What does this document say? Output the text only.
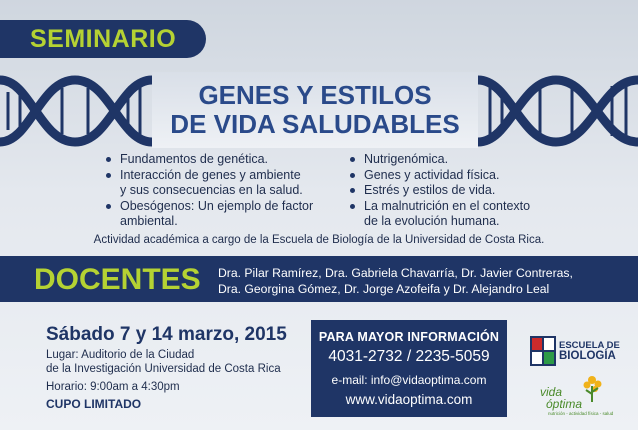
SEMINARIO
GENES Y ESTILOS
DE VIDA SALUDABLES
Fundamentos de genética.
Interacción de genes y ambiente
y sus consecuencias en la salud.
Obesógenos: Un ejemplo de factor
ambiental.
Nutrigenómica.
Genes y actividad física.
Estrés y estilos de vida.
La malnutrición en el contexto
de la evolución humana.
Actividad académica a cargo de la Escuela de Biología de la Universidad de Costa Rica.
DOCENTES Dra. Pilar Ramírez, Dra. Gabriela Chavarría, Dr. Javier Contreras,
Dra. Georgina Gómez, Dr. Jorge Azofeifa y Dr. Alejandro Leal
Sábado 7 y 14 marzo, 2015
Lugar: Auditorio de la Ciudad
de la Investigación Universidad de Costa Rica
Horario: 9:00am a 4:30pm
CUPO LIMITADO
PARA MAYOR INFORMACIÓN
4031-2732 / 2235-5059
e-mail: info@vidaoptima.com
www.vidaoptima.com
ESCUELA DE
BIOLOGÍA
vida
óptima
nutrición - actividad física - salud
